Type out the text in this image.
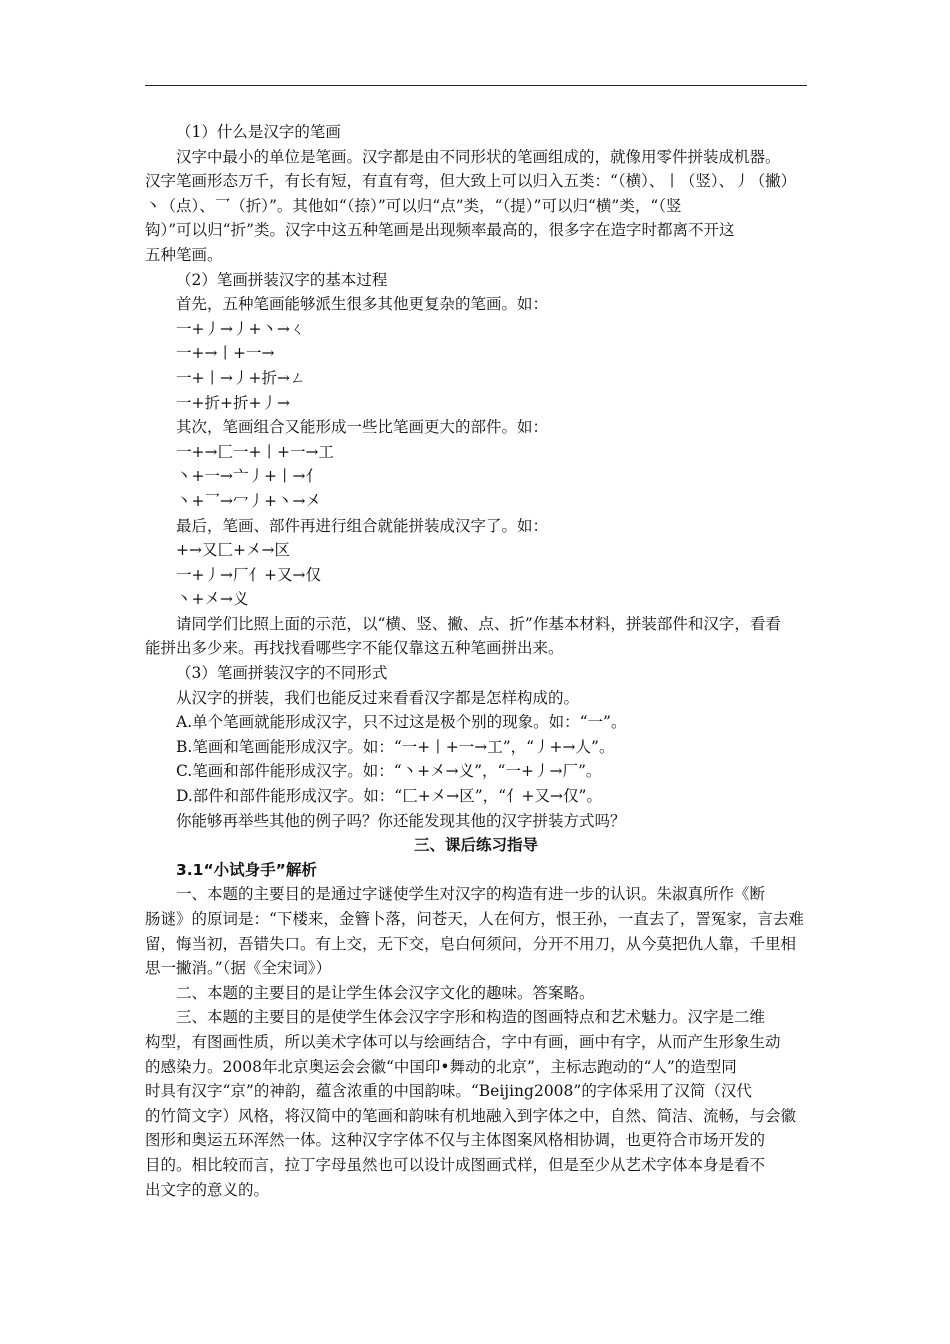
（1）什么是汉字的笔画
汉字中最小的单位是笔画。汉字都是由不同形状的笔画组成的，就像用零件拼装成机器。
汉字笔画形态万千，有长有短，有直有弯，但大致上可以归入五类：“（横）、丨（竖）、丿（撇）
丶（点）、乛（折）”。其他如“（捺）”可以归“点”类，“（提）”可以归“横”类，“（竖
钩）”可以归“折”类。汉字中这五种笔画是出现频率最高的，很多字在造字时都离不开这
五种笔画。
（2）笔画拼装汉字的基本过程
首先，五种笔画能够派生很多其他更复杂的笔画。如：
一+丿→丿+丶→ㄑ
一+→丨+一→
一+丨→丿+折→ㄥ
一+折+折+丿→
其次，笔画组合又能形成一些比笔画更大的部件。如：
一+→匚一+丨+一→工
丶+一→亠丿+丨→亻
丶+乛→冖丿+丶→㐅
最后，笔画、部件再进行组合就能拼装成汉字了。如：
+→又匚+㐅→区
一+丿→厂亻+又→仅
丶+㐅→义
请同学们比照上面的示范，以“横、竖、撇、点、折”作基本材料，拼装部件和汉字，看看
能拼出多少来。再找找看哪些字不能仅靠这五种笔画拼出来。
（3）笔画拼装汉字的不同形式
从汉字的拼装，我们也能反过来看看汉字都是怎样构成的。
A.单个笔画就能形成汉字，只不过这是极个别的现象。如：“一”。
B.笔画和笔画能形成汉字。如：“一+丨+一→工”，“丿+→人”。
C.笔画和部件能形成汉字。如：“丶+㐅→义”，“一+丿→厂”。
D.部件和部件能形成汉字。如：“匚+㐅→区”，“亻+又→仅”。
你能够再举些其他的例子吗？你还能发现其他的汉字拼装方式吗？
三、课后练习指导
3.1“小试身手”解析
一、本题的主要目的是通过字谜使学生对汉字的构造有进一步的认识。朱淑真所作《断
肠谜》的原词是：“下楼来，金簪卜落，问苍天，人在何方，恨王孙，一直去了，詈冤家，言去难
留，悔当初，吾错失口。有上交，无下交，皂白何须问，分开不用刀，从今莫把仇人靠，千里相
思一撇消。”（据《全宋词》）
二、本题的主要目的是让学生体会汉字文化的趣味。答案略。
三、本题的主要目的是使学生体会汉字字形和构造的图画特点和艺术魅力。汉字是二维
构型，有图画性质，所以美术字体可以与绘画结合，字中有画，画中有字，从而产生形象生动
的感染力。2008年北京奥运会会徽“中国印•舞动的北京”，主标志跑动的“人”的造型同
时具有汉字“京”的神韵，蕴含浓重的中国韵味。“Beijing2008”的字体采用了汉简（汉代
的竹简文字）风格，将汉简中的笔画和韵味有机地融入到字体之中，自然、简洁、流畅，与会徽
图形和奥运五环浑然一体。这种汉字字体不仅与主体图案风格相协调，也更符合市场开发的
目的。相比较而言，拉丁字母虽然也可以设计成图画式样，但是至少从艺术字体本身是看不
出文字的意义的。
